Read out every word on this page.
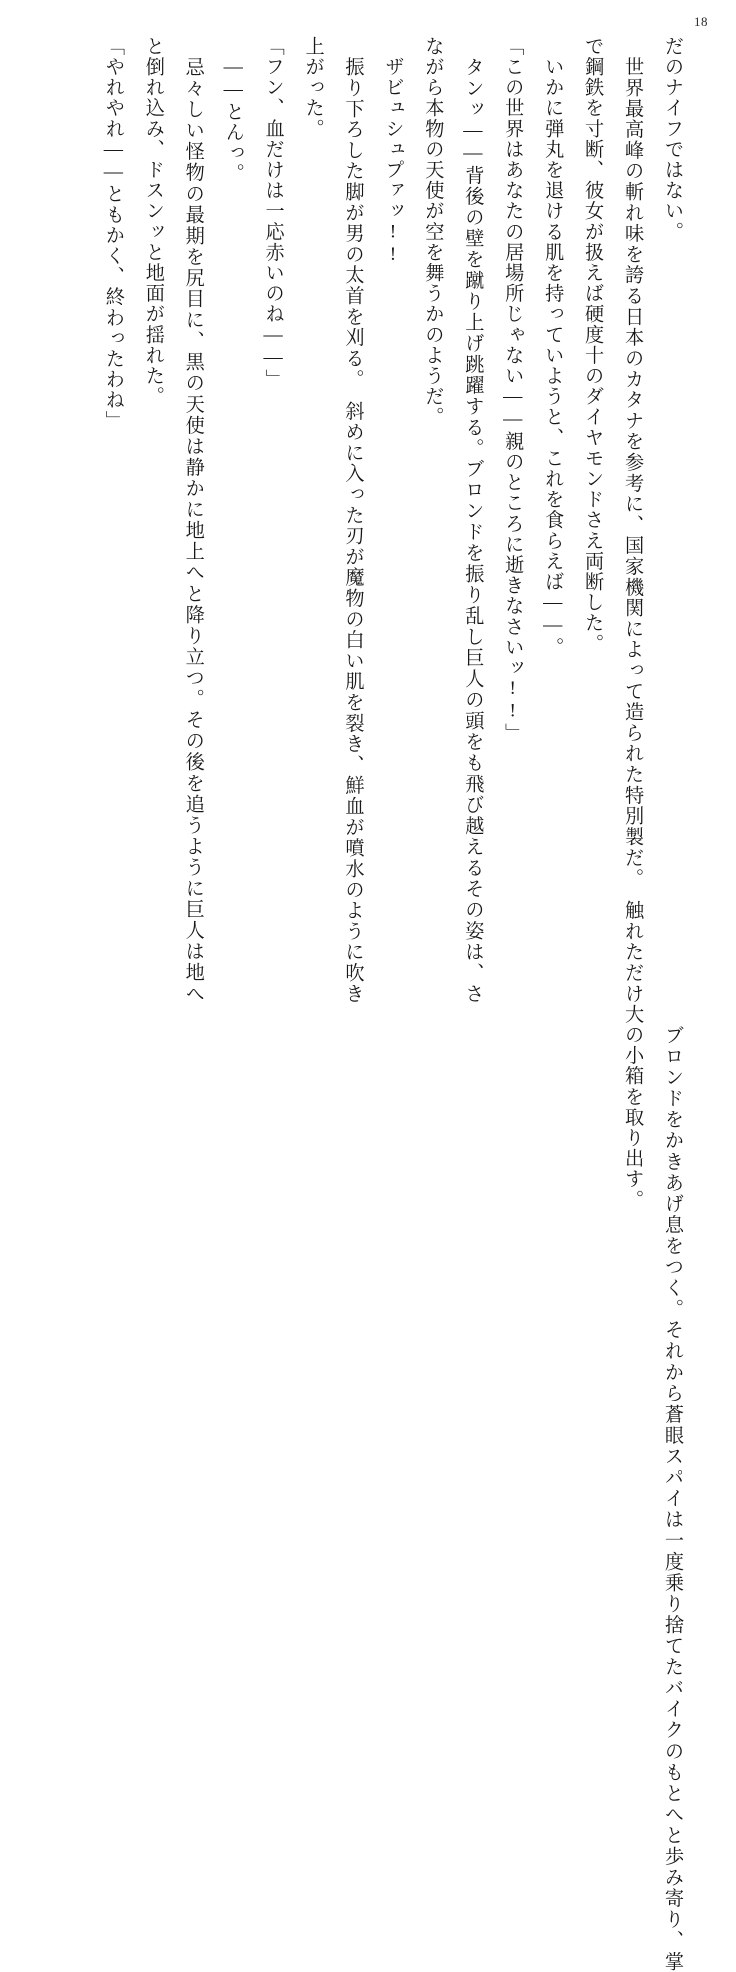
18

だのナイフではない。

　世界最高峰の斬れ味を誇る日本のカタナを参考に、国家機関によって造られた特別製だ。　触れただけで鋼鉄を寸断、彼女が扱えば硬度十のダイヤモンドさえ両断した。

　いかに弾丸を退ける肌を持っていようと、これを食らえば――。

「この世界はあなたの居場所じゃない――親のところに逝きなさいッ!!」

　タンッ――背後の壁を蹴り上げ跳躍する。ブロンドを振り乱し巨人の頭をも飛び越えるその姿は、さながら本物の天使が空を舞うかのようだ。

　ザビュシュプァッ!!

　振り下ろした脚が男の太首を刈る。　斜めに入った刃が魔物の白い肌を裂き、鮮血が噴水のように吹き上がった。

「フン、血だけは一応赤いのね――」

　――とんっ。

　忌々しい怪物の最期を尻目に、黒の天使は静かに地上へと降り立つ。その後を追うように巨人は地へと倒れ込み、ドスンッと地面が揺れた。

「やれやれ――ともかく、終わったわね」

　ブロンドをかきあげ息をつく。それから蒼眼スパイは一度乗り捨てたバイクのもとへと歩み寄り、掌大の小箱を取り出す。
